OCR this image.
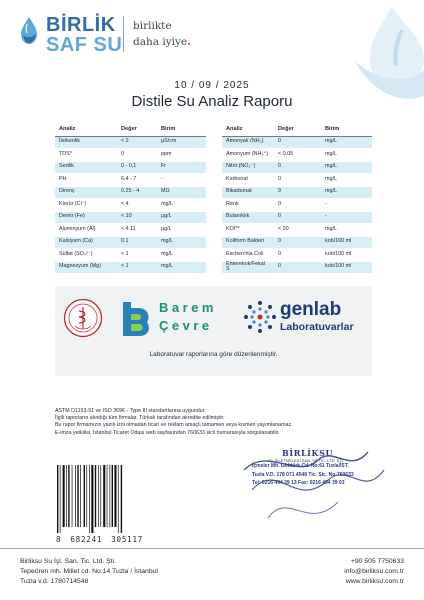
BİRLİK
SAF SU
birlikte
daha iyiye.
10 / 09 / 2025
Distile Su Analiz Raporu
Analiz	Değer	Birim
İletkenlik	< 2	µS/cm
TDS*	0	ppm
Sertlik	0 - 0,1	Fr
PH	6.4 - 7	-
Direnç	0.25 - 4	MΩ
Klorür (Cl⁻)	< 4	mg/L
Demir (Fe)	< 10	µg/L
Aluminyum (Al)	< 4.11	µg/L
Kalsiyum (Ca)	0.1	mg/L
Sülfat (SO₄²⁻)	< 1	mg/L
Magnezyum (Mg)	< 1	mg/L
Analiz	Değer	Birim
Amonyak (NH₃)	0	mg/L
Amonyum (NH₄⁺)	< 0.05	mg/L
Nitrit (NO₂⁻)	0	mg/L
Karbonat	0	mg/L
Bikarbonat	9	mg/L
Renk	0	-
Bulanıklık	0	-
KOİ**	< 20	mg/L
Koliform Bakteri	0	kob/100 ml
Escherchia Coli	0	kob/100 ml
Enterekok/Fekal S	0	kob/100 ml
Barem
Çevre
genlab
Laboratuvarlar
Laboratuvar raporlarına göre düzenlenmiştir.
ASTM D1193-91 ve ISO 3696 - Type III standartlarına uygundur.
İlgili raporların alındığı tüm firmalar, Türkak tarafından akredite edilmiştir.
Bu rapor firmamızın yazılı izni olmadan ticari ve reklam amaçlı tamamen veya kısmen yayımlanamaz.
E-imza yetkilisi, İstanbul Ticaret Odası web sayfasından 760633 sicil numarasıyla sorgulanabilir.
8 682241 305117
BİRLİKSU
SU İŞLETMELERİ SAN. VE TİC. LTD. ŞTİ.
İçmeler Mh. Göktürk Cd. No:61 Tuzla/İST.
Tuzla V.D. 178 071 4548 Tic. Sic. No:760633
Tel: 0216 494 39 13 Fax: 0216 494 39 03
Birliksu Su İşl. San. Tic. Ltd. Şti.
Tepeören mh. Millet cd. No:14 Tuzla / İstanbul
Tuzla v.d. 1780714548
+90 505 7750633
info@birliksu.com.tr
www.birliksu.com.tr
